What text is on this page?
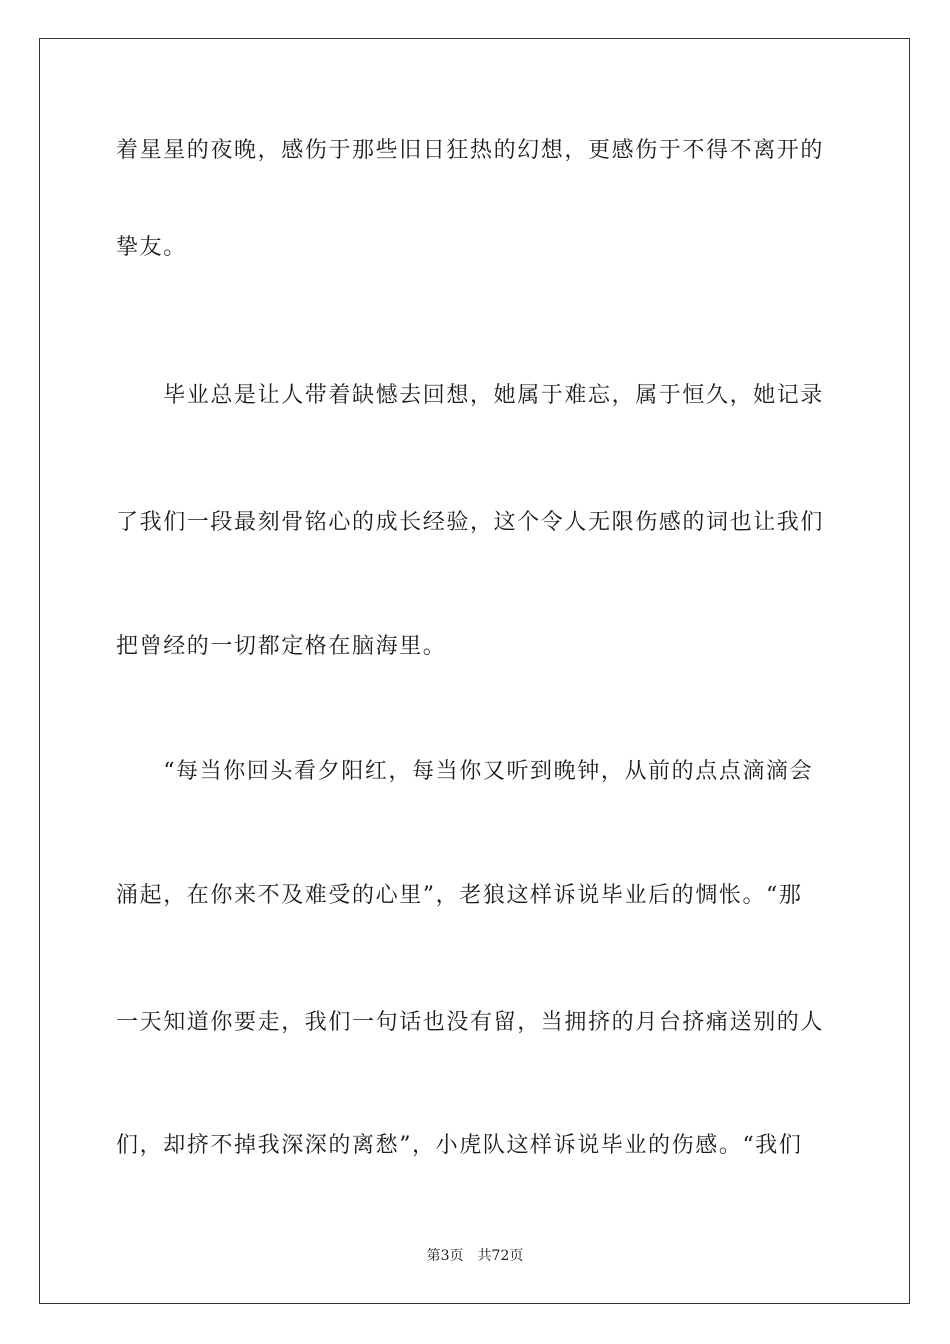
着星星的夜晚，感伤于那些旧日狂热的幻想，更感伤于不得不离开的
挚友。
　　毕业总是让人带着缺憾去回想，她属于难忘，属于恒久，她记录
了我们一段最刻骨铭心的成长经验，这个令人无限伤感的词也让我们
把曾经的一切都定格在脑海里。
　　“每当你回头看夕阳红，每当你又听到晚钟，从前的点点滴滴会
涌起，在你来不及难受的心里”，老狼这样诉说毕业后的惆怅。“那
一天知道你要走，我们一句话也没有留，当拥挤的月台挤痛送别的人
们，却挤不掉我深深的离愁”，小虎队这样诉说毕业的伤感。“我们
第3页 共72页
